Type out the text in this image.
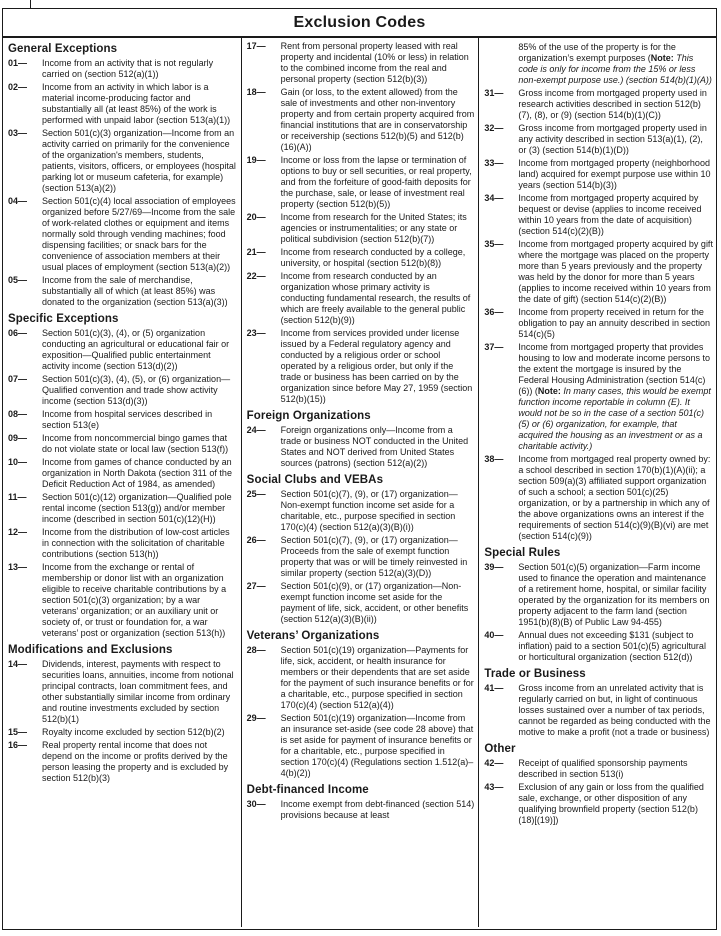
Exclusion Codes
General Exceptions
01—	Income from an activity that is not regularly carried on (section 512(a)(1))
02—	Income from an activity in which labor is a material income-producing factor and substantially all (at least 85%) of the work is performed with unpaid labor (section 513(a)(1))
03—	Section 501(c)(3) organization—Income from an activity carried on primarily for the convenience of the organization's members, students, patients, visitors, officers, or employees (hospital parking lot or museum cafeteria, for example) (section 513(a)(2))
04—	Section 501(c)(4) local association of employees organized before 5/27/69—Income from the sale of work-related clothes or equipment and items normally sold through vending machines; food dispensing facilities; or snack bars for the convenience of association members at their usual places of employment (section 513(a)(2))
05—	Income from the sale of merchandise, substantially all of which (at least 85%) was donated to the organization (section 513(a)(3))
Specific Exceptions
06—	Section 501(c)(3), (4), or (5) organization conducting an agricultural or educational fair or exposition—Qualified public entertainment activity income (section 513(d)(2))
07—	Section 501(c)(3), (4), (5), or (6) organization—Qualified convention and trade show activity income (section 513(d)(3))
08—	Income from hospital services described in section 513(e)
09—	Income from noncommercial bingo games that do not violate state or local law (section 513(f))
10—	Income from games of chance conducted by an organization in North Dakota (section 311 of the Deficit Reduction Act of 1984, as amended)
11—	Section 501(c)(12) organization—Qualified pole rental income (section 513(g)) and/or member income (described in section 501(c)(12)(H))
12—	Income from the distribution of low-cost articles in connection with the solicitation of charitable contributions (section 513(h))
13—	Income from the exchange or rental of membership or donor list with an organization eligible to receive charitable contributions by a section 501(c)(3) organization; by a war veterans’ organization; or an auxiliary unit or society of, or trust or foundation for, a war veterans’ post or organization (section 513(h))
Modifications and Exclusions
14—	Dividends, interest, payments with respect to securities loans, annuities, income from notional principal contracts, loan commitment fees, and other substantially similar income from ordinary and routine investments excluded by section 512(b)(1)
15—	Royalty income excluded by section 512(b)(2)
16—	Real property rental income that does not depend on the income or profits derived by the person leasing the property and is excluded by section 512(b)(3)
17—	Rent from personal property leased with real property and incidental (10% or less) in relation to the combined income from the real and personal property (section 512(b)(3))
18—	Gain (or loss, to the extent allowed) from the sale of investments and other non-inventory property and from certain property acquired from financial institutions that are in conservatorship or receivership (sections 512(b)(5) and 512(b)(16)(A))
19—	Income or loss from the lapse or termination of options to buy or sell securities, or real property, and from the forfeiture of good-faith deposits for the purchase, sale, or lease of investment real property (section 512(b)(5))
20—	Income from research for the United States; its agencies or instrumentalities; or any state or political subdivision (section 512(b)(7))
21—	Income from research conducted by a college, university, or hospital (section 512(b)(8))
22—	Income from research conducted by an organization whose primary activity is conducting fundamental research, the results of which are freely available to the general public (section 512(b)(9))
23—	Income from services provided under license issued by a Federal regulatory agency and conducted by a religious order or school operated by a religious order, but only if the trade or business has been carried on by the organization since before May 27, 1959 (section 512(b)(15))
Foreign Organizations
24—	Foreign organizations only—Income from a trade or business NOT conducted in the United States and NOT derived from United States sources (patrons) (section 512(a)(2))
Social Clubs and VEBAs
25—	Section 501(c)(7), (9), or (17) organization—Non-exempt function income set aside for a charitable, etc., purpose specified in section 170(c)(4) (section 512(a)(3)(B)(i))
26—	Section 501(c)(7), (9), or (17) organization—Proceeds from the sale of exempt function property that was or will be timely reinvested in similar property (section 512(a)(3)(D))
27—	Section 501(c)(9), or (17) organization—Non-exempt function income set aside for the payment of life, sick, accident, or other benefits (section 512(a)(3)(B)(ii))
Veterans’ Organizations
28—	Section 501(c)(19) organization—Payments for life, sick, accident, or health insurance for members or their dependents that are set aside for the payment of such insurance benefits or for a charitable, etc., purpose specified in section 170(c)(4) (section 512(a)(4))
29—	Section 501(c)(19) organization—Income from an insurance set-aside (see code 28 above) that is set aside for payment of insurance benefits or for a charitable, etc., purpose specified in section 170(c)(4) (Regulations section 1.512(a)–4(b)(2))
Debt-financed Income
30—	Income exempt from debt-financed (section 514) provisions because at least
85% of the use of the property is for the organization’s exempt purposes (Note: This code is only for income from the 15% or less non-exempt purpose use.) (section 514(b)(1)(A))
31—	Gross income from mortgaged property used in research activities described in section 512(b)(7), (8), or (9) (section 514(b)(1)(C))
32—	Gross income from mortgaged property used in any activity described in section 513(a)(1), (2), or (3) (section 514(b)(1)(D))
33—	Income from mortgaged property (neighborhood land) acquired for exempt purpose use within 10 years (section 514(b)(3))
34—	Income from mortgaged property acquired by bequest or devise (applies to income received within 10 years from the date of acquisition) (section 514(c)(2)(B))
35—	Income from mortgaged property acquired by gift where the mortgage was placed on the property more than 5 years previously and the property was held by the donor for more than 5 years (applies to income received within 10 years from the date of gift) (section 514(c)(2)(B))
36—	Income from property received in return for the obligation to pay an annuity described in section 514(c)(5)
37—	Income from mortgaged property that provides housing to low and moderate income persons to the extent the mortgage is insured by the Federal Housing Administration (section 514(c)(6)) (Note: In many cases, this would be exempt function income reportable in column (E). It would not be so in the case of a section 501(c)(5) or (6) organization, for example, that acquired the housing as an investment or as a charitable activity.)
38—	Income from mortgaged real property owned by: a school described in section 170(b)(1)(A)(ii); a section 509(a)(3) affiliated support organization of such a school; a section 501(c)(25) organization, or by a partnership in which any of the above organizations owns an interest if the requirements of section 514(c)(9)(B)(vi) are met (section 514(c)(9))
Special Rules
39—	Section 501(c)(5) organization—Farm income used to finance the operation and maintenance of a retirement home, hospital, or similar facility operated by the organization for its members on property adjacent to the farm land (section 1951(b)(8)(B) of Public Law 94-455)
40—	Annual dues not exceeding $131 (subject to inflation) paid to a section 501(c)(5) agricultural or horticultural organization (section 512(d))
Trade or Business
41—	Gross income from an unrelated activity that is regularly carried on but, in light of continuous losses sustained over a number of tax periods, cannot be regarded as being conducted with the motive to make a profit (not a trade or business)
Other
42—	Receipt of qualified sponsorship payments described in section 513(i)
43—	Exclusion of any gain or loss from the qualified sale, exchange, or other disposition of any qualifying brownfield property (section 512(b)(18)[(19)])
